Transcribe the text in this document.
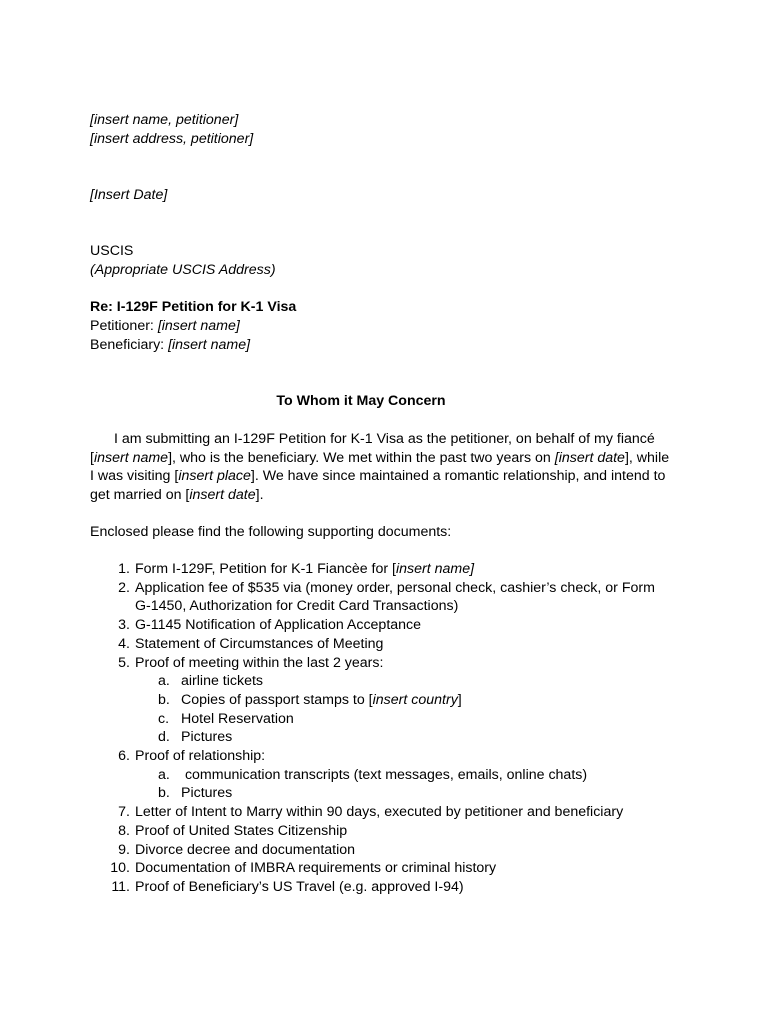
[insert name, petitioner]
[insert address, petitioner]
[Insert Date]
USCIS
(Appropriate USCIS Address)
Re: I-129F Petition for K-1 Visa
Petitioner: [insert name]
Beneficiary: [insert name]
To Whom it May Concern
I am submitting an I-129F Petition for K-1 Visa as the petitioner, on behalf of my fiancé [insert name], who is the beneficiary. We met within the past two years on [insert date], while I was visiting [insert place]. We have since maintained a romantic relationship, and intend to get married on [insert date].
Enclosed please find the following supporting documents:
1. Form I-129F, Petition for K-1 Fiancèe for [insert name]
2. Application fee of $535 via (money order, personal check, cashier’s check, or Form G-1450, Authorization for Credit Card Transactions)
3. G-1145 Notification of Application Acceptance
4. Statement of Circumstances of Meeting
5. Proof of meeting within the last 2 years:
a. airline tickets
b. Copies of passport stamps to [insert country]
c. Hotel Reservation
d. Pictures
6. Proof of relationship:
a. communication transcripts (text messages, emails, online chats)
b. Pictures
7. Letter of Intent to Marry within 90 days, executed by petitioner and beneficiary
8. Proof of United States Citizenship
9. Divorce decree and documentation
10. Documentation of IMBRA requirements or criminal history
11. Proof of Beneficiary’s US Travel (e.g. approved I-94)
